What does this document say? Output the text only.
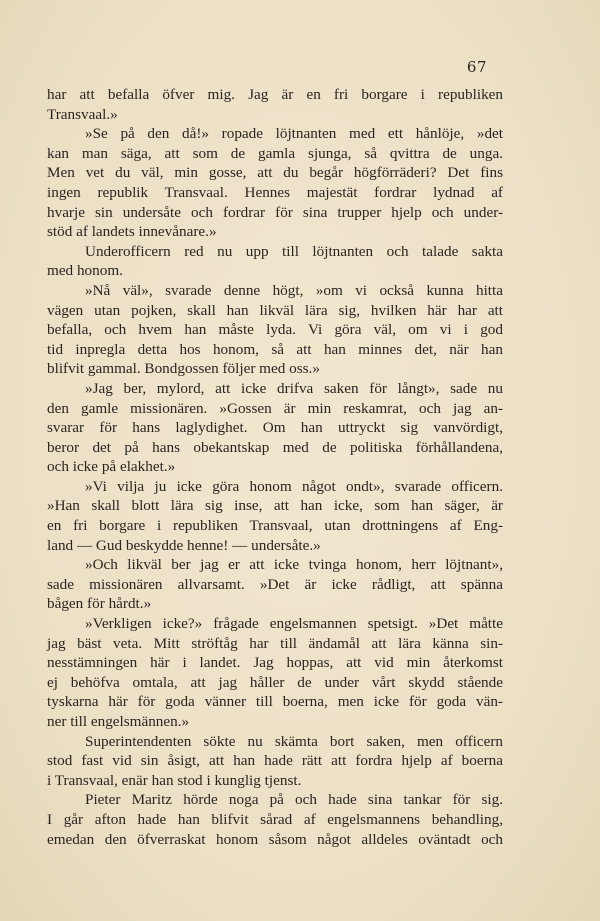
67
har att befalla öfver mig. Jag är en fri borgare i republiken
Transvaal.»
»Se på den då!» ropade löjtnanten med ett hånlöje, »det
kan man säga, att som de gamla sjunga, så qvittra de unga.
Men vet du väl, min gosse, att du begår högförräderi? Det fins
ingen republik Transvaal. Hennes majestät fordrar lydnad af
hvarje sin undersåte och fordrar för sina trupper hjelp och under-
stöd af landets innevånare.»
Underofficern red nu upp till löjtnanten och talade sakta
med honom.
»Nå väl», svarade denne högt, »om vi också kunna hitta
vägen utan pojken, skall han likväl lära sig, hvilken här har att
befalla, och hvem han måste lyda. Vi göra väl, om vi i god
tid inpregla detta hos honom, så att han minnes det, när han
blifvit gammal. Bondgossen följer med oss.»
»Jag ber, mylord, att icke drifva saken för långt», sade nu
den gamle missionären. »Gossen är min reskamrat, och jag an-
svarar för hans laglydighet. Om han uttryckt sig vanvördigt,
beror det på hans obekantskap med de politiska förhållandena,
och icke på elakhet.»
»Vi vilja ju icke göra honom något ondt», svarade officern.
»Han skall blott lära sig inse, att han icke, som han säger, är
en fri borgare i republiken Transvaal, utan drottningens af Eng-
land — Gud beskydde henne! — undersåte.»
»Och likväl ber jag er att icke tvinga honom, herr löjtnant»,
sade missionären allvarsamt. »Det är icke rådligt, att spänna
bågen för hårdt.»
»Verkligen icke?» frågade engelsmannen spetsigt. »Det måtte
jag bäst veta. Mitt ströftåg har till ändamål att lära känna sin-
nesstämningen här i landet. Jag hoppas, att vid min återkomst
ej behöfva omtala, att jag håller de under vårt skydd stående
tyskarna här för goda vänner till boerna, men icke för goda vän-
ner till engelsmännen.»
Superintendenten sökte nu skämta bort saken, men officern
stod fast vid sin åsigt, att han hade rätt att fordra hjelp af boerna
i Transvaal, enär han stod i kunglig tjenst.
Pieter Maritz hörde noga på och hade sina tankar för sig.
I går afton hade han blifvit sårad af engelsmannens behandling,
emedan den öfverraskat honom såsom något alldeles oväntadt och
